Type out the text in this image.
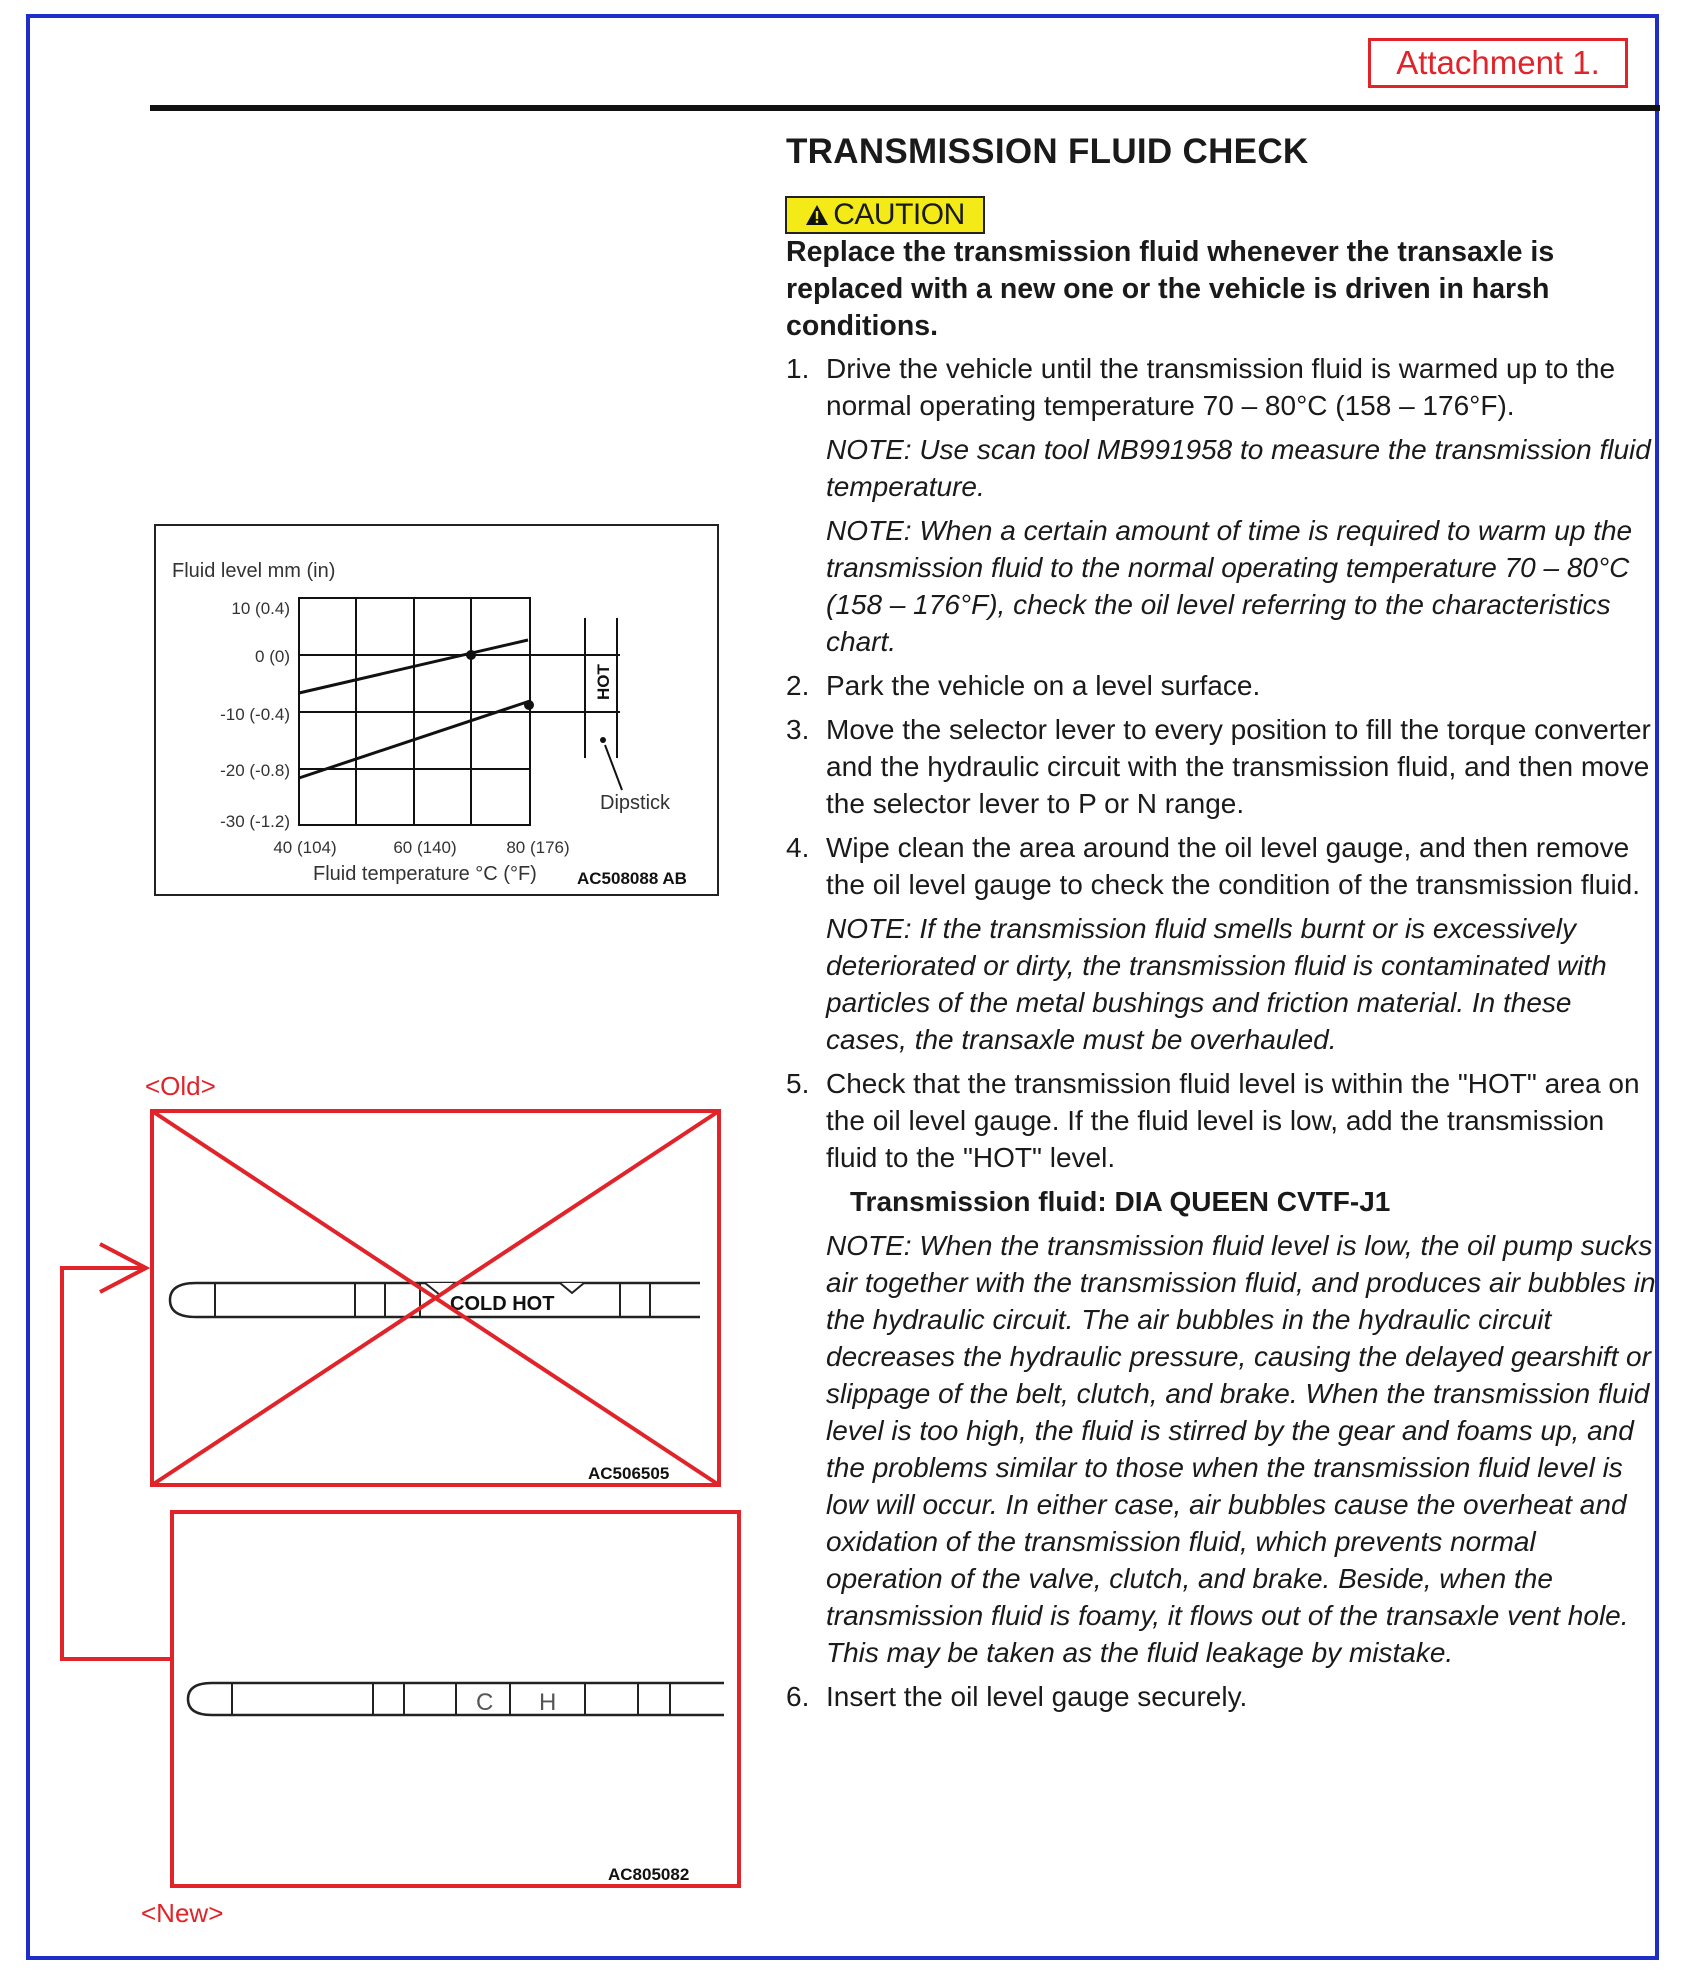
Attachment 1.
TRANSMISSION FLUID CHECK
CAUTION
Replace the transmission fluid whenever the transaxle is replaced with a new one or the vehicle is driven in harsh conditions.
1. Drive the vehicle until the transmission fluid is warmed up to the normal operating temperature 70 – 80°C (158 – 176°F).
NOTE: Use scan tool MB991958 to measure the transmission fluid temperature.
NOTE: When a certain amount of time is required to warm up the transmission fluid to the normal operating temperature 70 – 80°C (158 – 176°F), check the oil level referring to the characteristics chart.
2. Park the vehicle on a level surface.
3. Move the selector lever to every position to fill the torque converter and the hydraulic circuit with the transmission fluid, and then move the selector lever to P or N range.
4. Wipe clean the area around the oil level gauge, and then remove the oil level gauge to check the condition of the transmission fluid.
NOTE: If the transmission fluid smells burnt or is excessively deteriorated or dirty, the transmission fluid is contaminated with particles of the metal bushings and friction material. In these cases, the transaxle must be overhauled.
5. Check that the transmission fluid level is within the "HOT" area on the oil level gauge. If the fluid level is low, add the transmission fluid to the "HOT" level.
Transmission fluid: DIA QUEEN CVTF-J1
NOTE: When the transmission fluid level is low, the oil pump sucks air together with the transmission fluid, and produces air bubbles in the hydraulic circuit. The air bubbles in the hydraulic circuit decreases the hydraulic pressure, causing the delayed gearshift or slippage of the belt, clutch, and brake. When the transmission fluid level is too high, the fluid is stirred by the gear and foams up, and the problems similar to those when the transmission fluid level is low will occur. In either case, air bubbles cause the overheat and oxidation of the transmission fluid, which prevents normal operation of the valve, clutch, and brake. Beside, when the transmission fluid is foamy, it flows out of the transaxle vent hole. This may be taken as the fluid leakage by mistake.
6. Insert the oil level gauge securely.
Fluid level mm (in)
10 (0.4)
0 (0)
-10 (-0.4)
-20 (-0.8)
-30 (-1.2)
40 (104)	60 (140)	80 (176)
Fluid temperature °C (°F) AC508088 AB
HOT
Dipstick
<Old>
COLD HOT
AC506505
C H
AC805082
<New>
